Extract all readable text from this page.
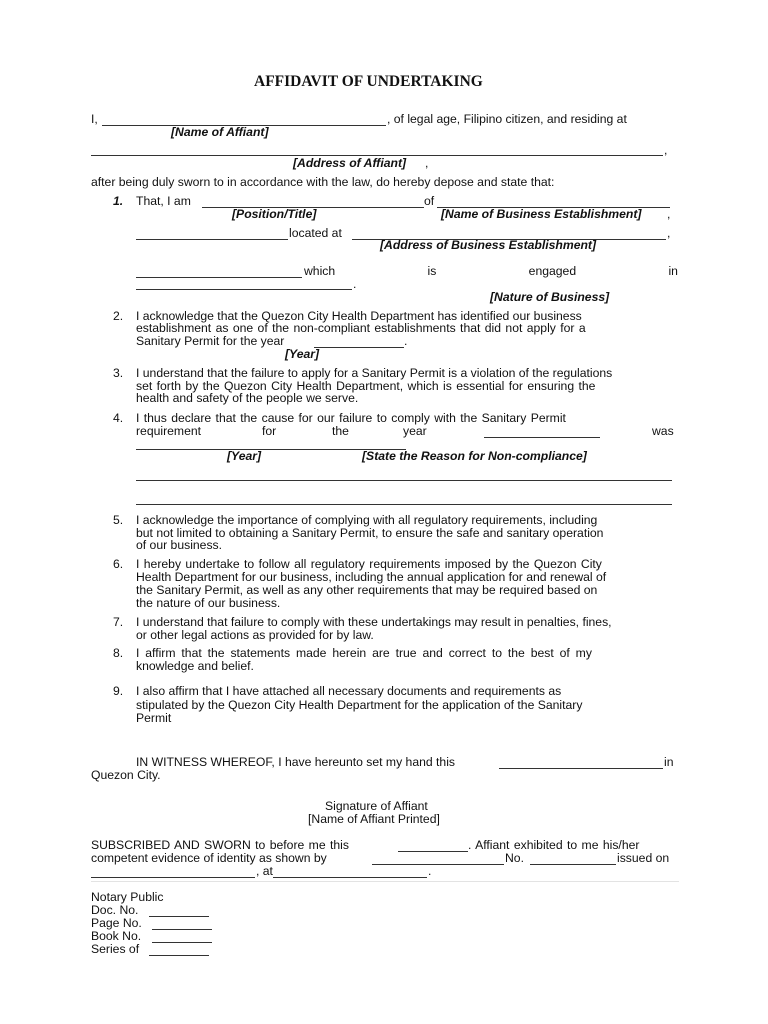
AFFIDAVIT OF UNDERTAKING
I,	, of legal age, Filipino citizen, and residing at
[Name of Affiant]
,
[Address of Affiant] ,
after being duly sworn to in accordance with the law, do hereby depose and state that:
1. That, I am	of
[Position/Title]	[Name of Business Establishment] ,
located at	,
[Address of Business Establishment]
which	is	engaged	in
.
[Nature of Business]
2. I acknowledge that the Quezon City Health Department has identified our business
establishment as one of the non-compliant establishments that did not apply for a
Sanitary Permit for the year	.
[Year]
3. I understand that the failure to apply for a Sanitary Permit is a violation of the regulations
set forth by the Quezon City Health Department, which is essential for ensuring the
health and safety of the people we serve.
4. I thus declare that the cause for our failure to comply with the Sanitary Permit
requirement	for	the	year	was
[Year]	[State the Reason for Non-compliance]
5. I acknowledge the importance of complying with all regulatory requirements, including
but not limited to obtaining a Sanitary Permit, to ensure the safe and sanitary operation
of our business.
6. I hereby undertake to follow all regulatory requirements imposed by the Quezon City
Health Department for our business, including the annual application for and renewal of
the Sanitary Permit, as well as any other requirements that may be required based on
the nature of our business.
7. I understand that failure to comply with these undertakings may result in penalties, fines,
or other legal actions as provided for by law.
8. I affirm that the statements made herein are true and correct to the best of my
knowledge and belief.
9. I also affirm that I have attached all necessary documents and requirements as
stipulated by the Quezon City Health Department for the application of the Sanitary
Permit
IN WITNESS WHEREOF, I have hereunto set my hand this	in
Quezon City.
Signature of Affiant
[Name of Affiant Printed]
SUBSCRIBED AND SWORN to before me this	. Affiant exhibited to me his/her
competent evidence of identity as shown by	No.	issued on
, at	.
Notary Public
Doc. No.
Page No.
Book No.
Series of
